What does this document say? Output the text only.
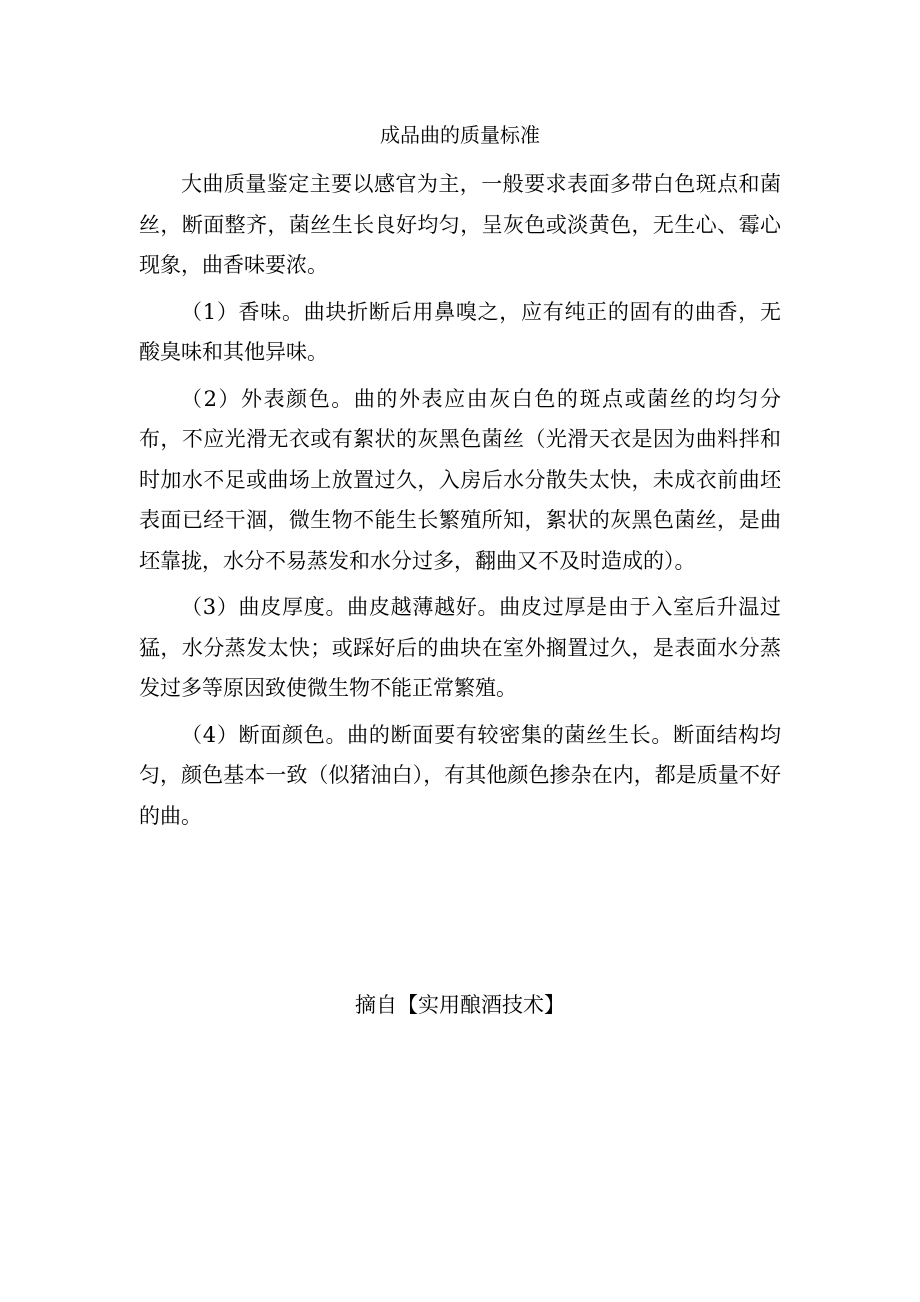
成品曲的质量标准

大曲质量鉴定主要以感官为主，一般要求表面多带白色斑点和菌丝，断面整齐，菌丝生长良好均匀，呈灰色或淡黄色，无生心、霉心现象，曲香味要浓。

（1）香味。曲块折断后用鼻嗅之，应有纯正的固有的曲香，无酸臭味和其他异味。

（2）外表颜色。曲的外表应由灰白色的斑点或菌丝的均匀分布，不应光滑无衣或有絮状的灰黑色菌丝（光滑天衣是因为曲料拌和时加水不足或曲场上放置过久，入房后水分散失太快，未成衣前曲坯表面已经干涸，微生物不能生长繁殖所知，絮状的灰黑色菌丝，是曲坯靠拢，水分不易蒸发和水分过多，翻曲又不及时造成的）。

（3）曲皮厚度。曲皮越薄越好。曲皮过厚是由于入室后升温过猛，水分蒸发太快；或踩好后的曲块在室外搁置过久，是表面水分蒸发过多等原因致使微生物不能正常繁殖。

（4）断面颜色。曲的断面要有较密集的菌丝生长。断面结构均匀，颜色基本一致（似猪油白），有其他颜色掺杂在内，都是质量不好的曲。

摘自【实用酿酒技术】
